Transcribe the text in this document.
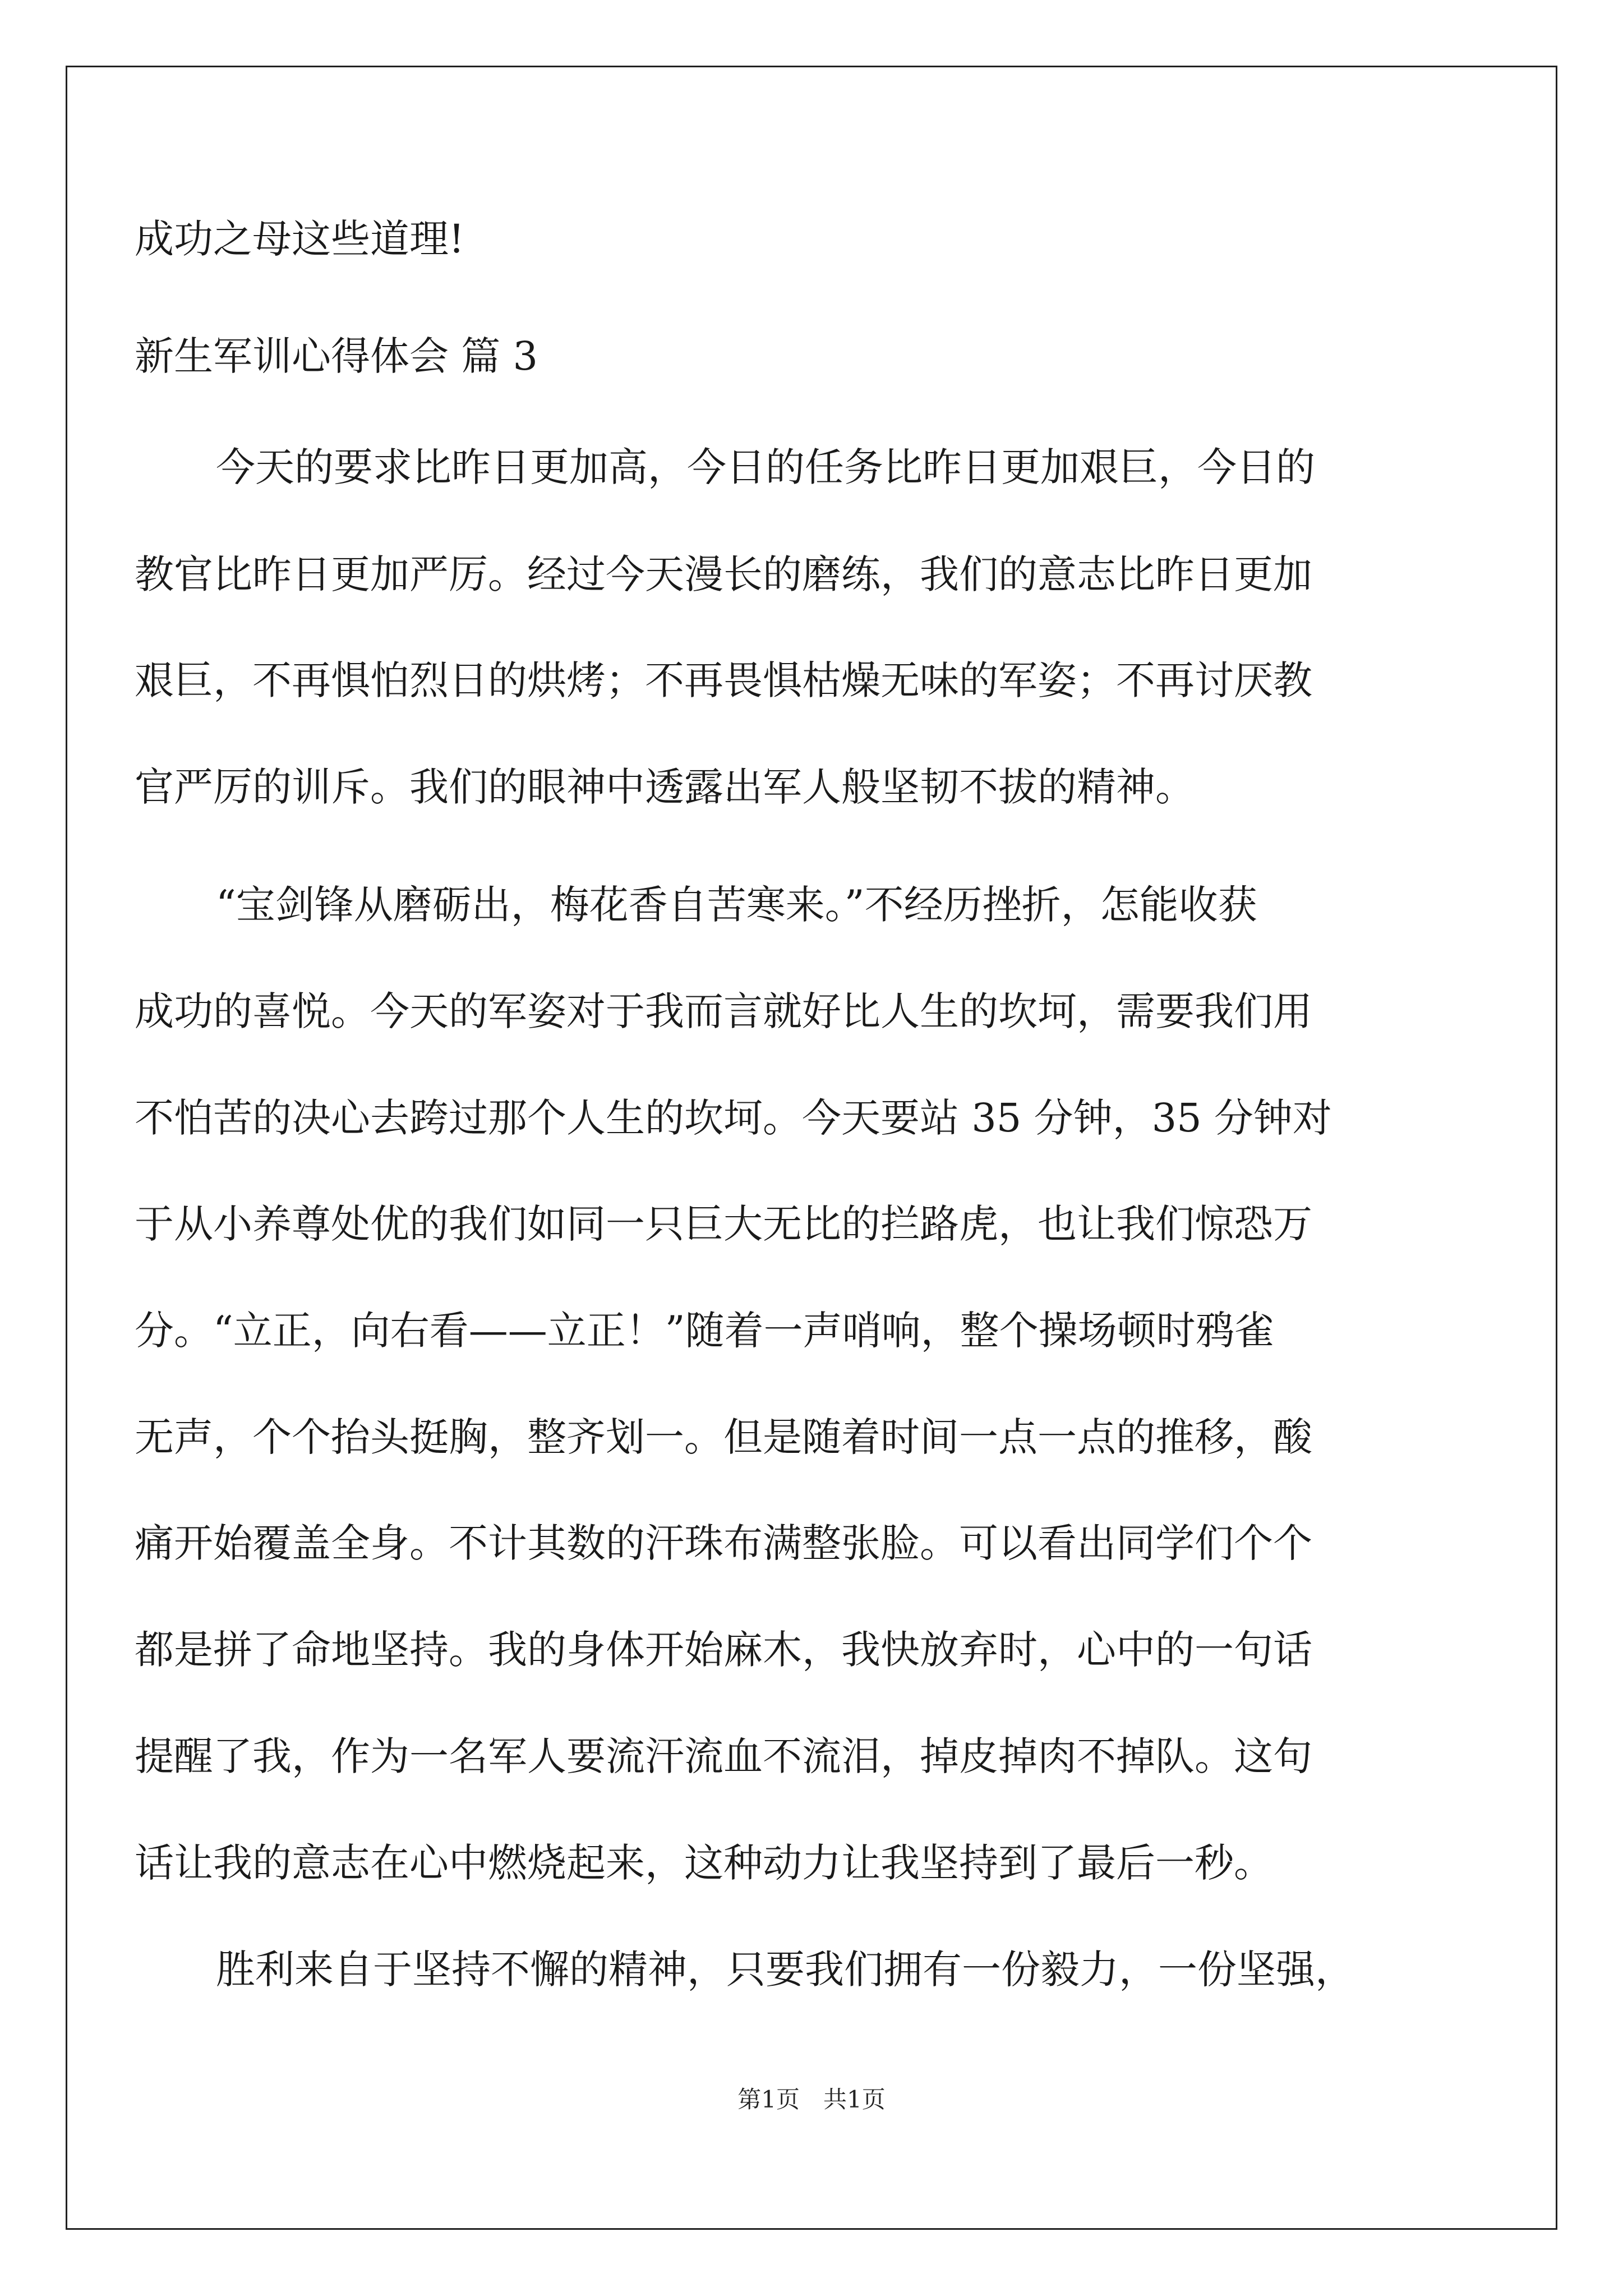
成功之母这些道理!
新生军训心得体会 篇 3
今天的要求比昨日更加高，今日的任务比昨日更加艰巨，今日的
教官比昨日更加严厉。经过今天漫长的磨练，我们的意志比昨日更加
艰巨，不再惧怕烈日的烘烤；不再畏惧枯燥无味的军姿；不再讨厌教
官严厉的训斥。我们的眼神中透露出军人般坚韧不拔的精神。
“宝剑锋从磨砺出，梅花香自苦寒来。”不经历挫折，怎能收获
成功的喜悦。今天的军姿对于我而言就好比人生的坎坷，需要我们用
不怕苦的决心去跨过那个人生的坎坷。今天要站 35 分钟，35 分钟对
于从小养尊处优的我们如同一只巨大无比的拦路虎，也让我们惊恐万
分。“立正，向右看——立正！”随着一声哨响，整个操场顿时鸦雀
无声，个个抬头挺胸，整齐划一。但是随着时间一点一点的推移，酸
痛开始覆盖全身。不计其数的汗珠布满整张脸。可以看出同学们个个
都是拼了命地坚持。我的身体开始麻木，我快放弃时，心中的一句话
提醒了我，作为一名军人要流汗流血不流泪，掉皮掉肉不掉队。这句
话让我的意志在心中燃烧起来，这种动力让我坚持到了最后一秒。
胜利来自于坚持不懈的精神，只要我们拥有一份毅力，一份坚强，
第1页　共1页
